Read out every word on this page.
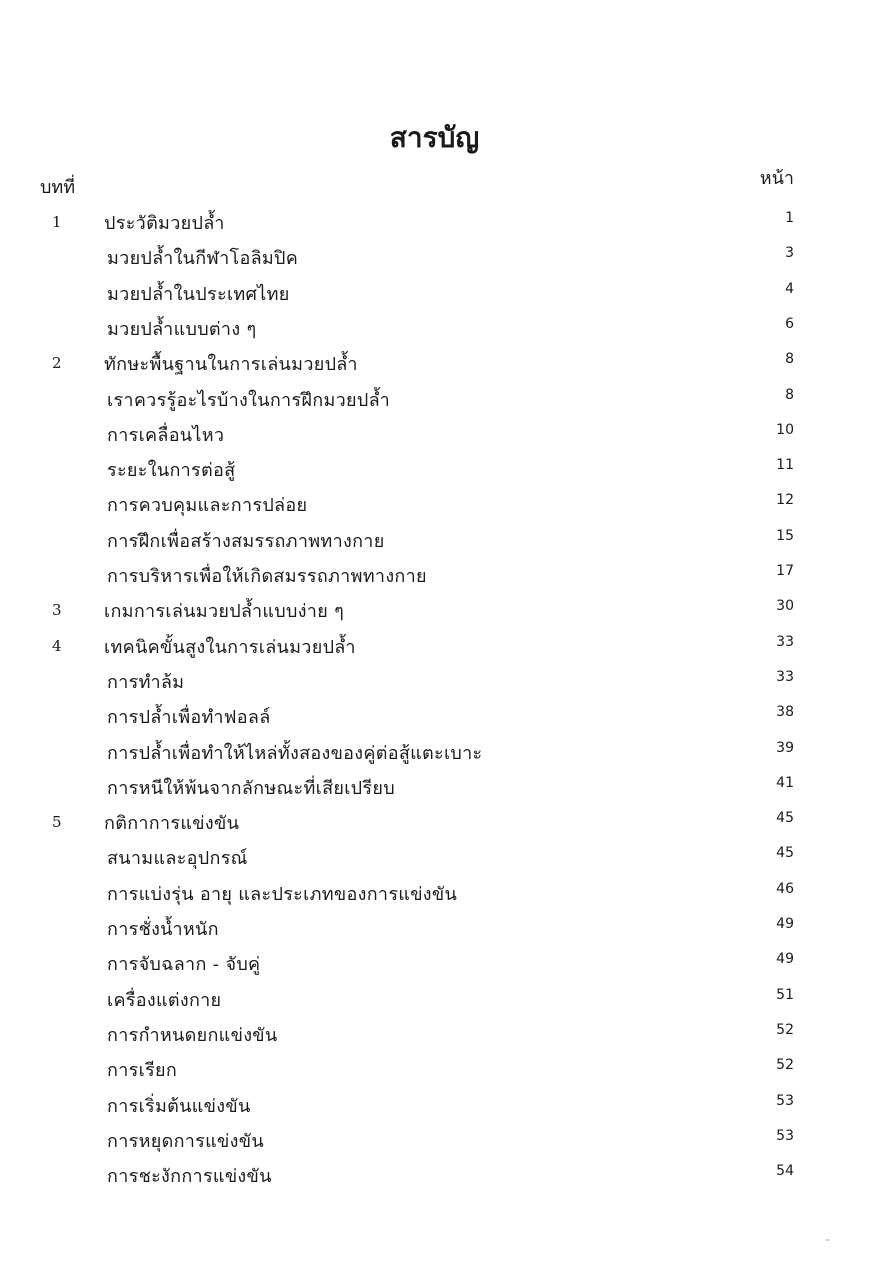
สารบัญ
บทที่	หน้า
1 ประวัติมวยปล้ำ	1
มวยปล้ำในกีฬาโอลิมปิค	3
มวยปล้ำในประเทศไทย	4
มวยปล้ำแบบต่าง ๆ	6
2 ทักษะพื้นฐานในการเล่นมวยปล้ำ	8
เราควรรู้อะไรบ้างในการฝึกมวยปล้ำ	8
การเคลื่อนไหว	10
ระยะในการต่อสู้	11
การควบคุมและการปล่อย	12
การฝึกเพื่อสร้างสมรรถภาพทางกาย	15
การบริหารเพื่อให้เกิดสมรรถภาพทางกาย	17
3 เกมการเล่นมวยปล้ำแบบง่าย ๆ	30
4 เทคนิคขั้นสูงในการเล่นมวยปล้ำ	33
การทำล้ม	33
การปล้ำเพื่อทำฟอลล์	38
การปล้ำเพื่อทำให้ไหล่ทั้งสองของคู่ต่อสู้แตะเบาะ	39
การหนีให้พ้นจากลักษณะที่เสียเปรียบ	41
5 กติกาการแข่งขัน	45
สนามและอุปกรณ์	45
การแบ่งรุ่น อายุ และประเภทของการแข่งขัน	46
การชั่งน้ำหนัก	49
การจับฉลาก - จับคู่	49
เครื่องแต่งกาย	51
การกำหนดยกแข่งขัน	52
การเรียก	52
การเริ่มต้นแข่งขัน	53
การหยุดการแข่งขัน	53
การชะงักการแข่งขัน	54
